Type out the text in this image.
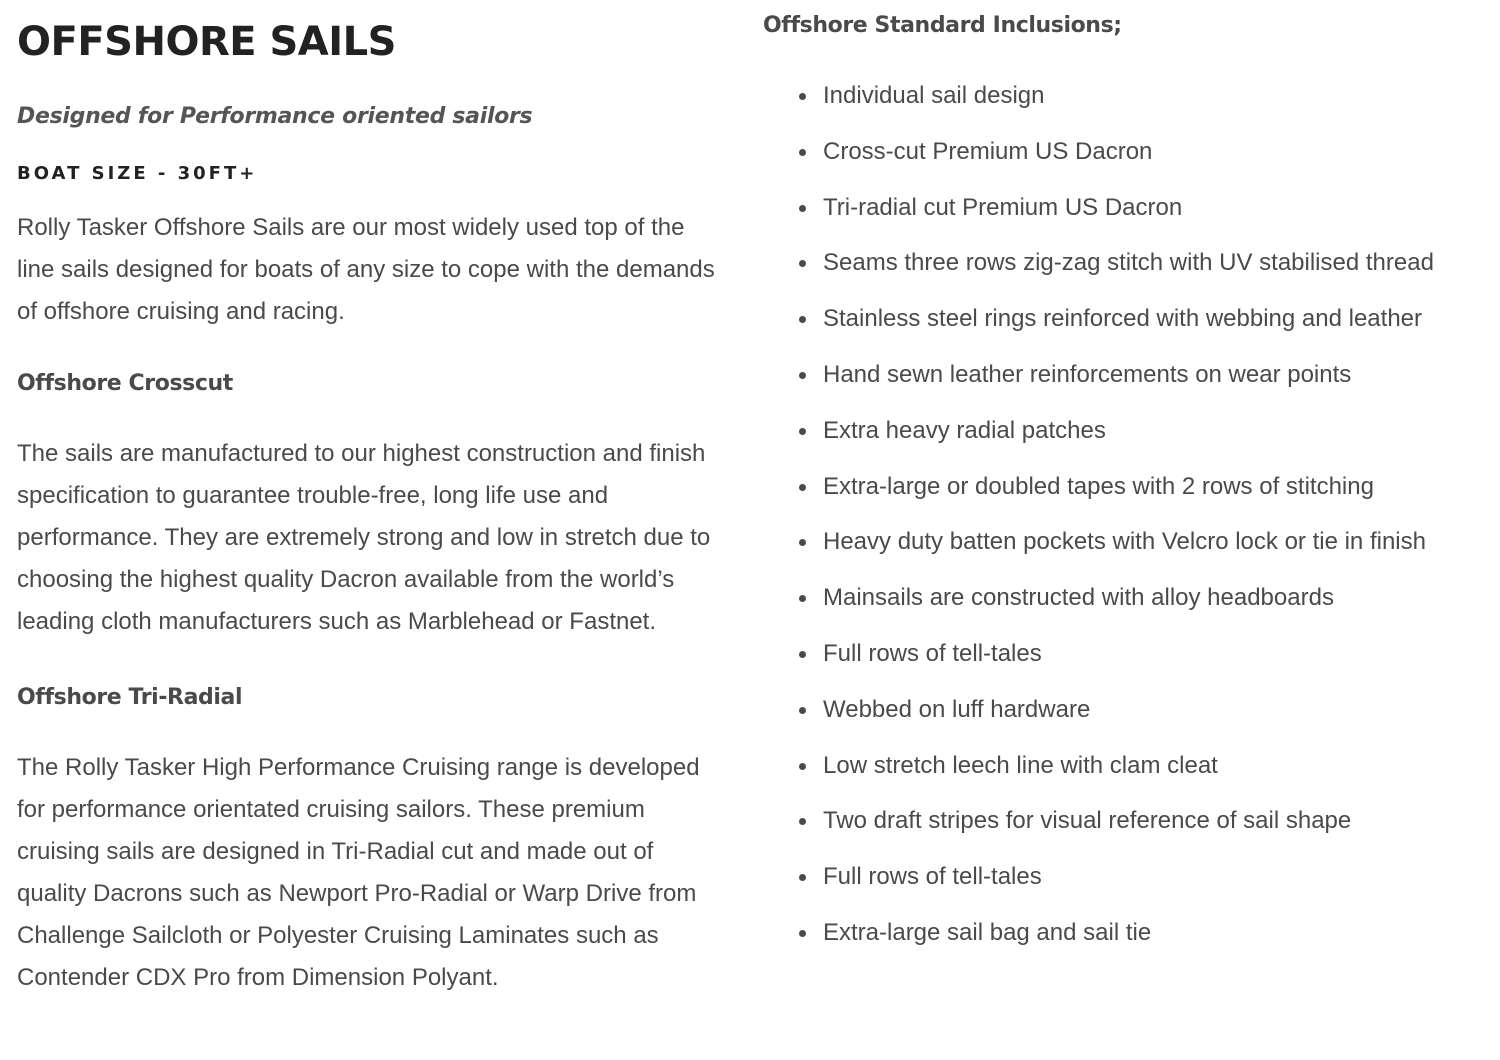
OFFSHORE SAILS

Designed for Performance oriented sailors

BOAT SIZE - 30FT+

Rolly Tasker Offshore Sails are our most widely used top of the line sails designed for boats of any size to cope with the demands of offshore cruising and racing.

Offshore Crosscut

The sails are manufactured to our highest construction and finish specification to guarantee trouble-free, long life use and performance. They are extremely strong and low in stretch due to choosing the highest quality Dacron available from the world’s leading cloth manufacturers such as Marblehead or Fastnet.

Offshore Tri-Radial

The Rolly Tasker High Performance Cruising range is developed for performance orientated cruising sailors. These premium cruising sails are designed in Tri-Radial cut and made out of quality Dacrons such as Newport Pro-Radial or Warp Drive from Challenge Sailcloth or Polyester Cruising Laminates such as Contender CDX Pro from Dimension Polyant.

Offshore Standard Inclusions;
Individual sail design
Cross-cut Premium US Dacron
Tri-radial cut Premium US Dacron
Seams three rows zig-zag stitch with UV stabilised thread
Stainless steel rings reinforced with webbing and leather
Hand sewn leather reinforcements on wear points
Extra heavy radial patches
Extra-large or doubled tapes with 2 rows of stitching
Heavy duty batten pockets with Velcro lock or tie in finish
Mainsails are constructed with alloy headboards
Full rows of tell-tales
Webbed on luff hardware
Low stretch leech line with clam cleat
Two draft stripes for visual reference of sail shape
Full rows of tell-tales
Extra-large sail bag and sail tie
